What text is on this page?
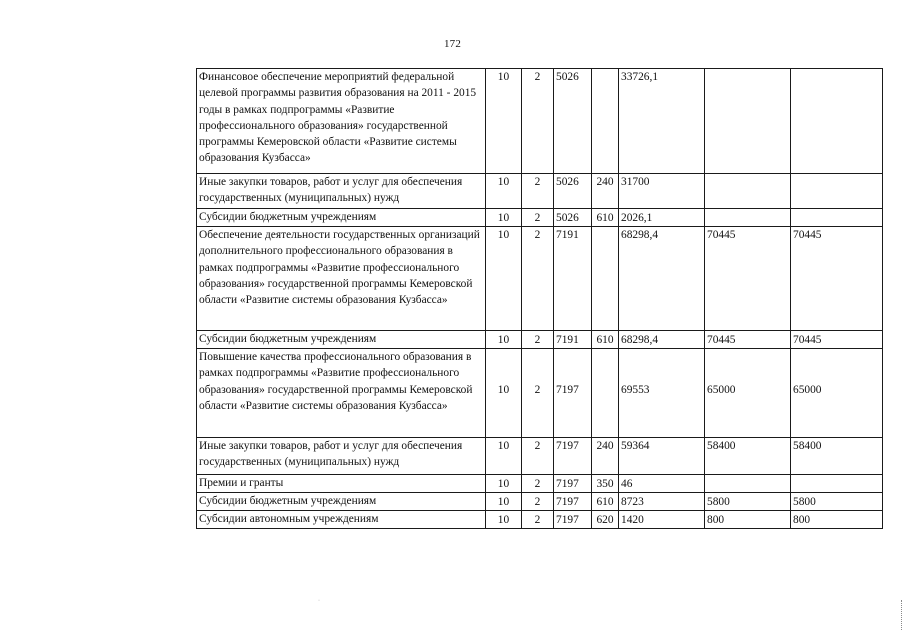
172
Финансовое обеспечение мероприятий федеральной целевой программы развития образования на 2011 - 2015 годы в рамках подпрограммы «Развитие профессионального образования» государственной программы Кемеровской области «Развитие системы образования Кузбасса»	10	2	5026		33726,1		
Иные закупки товаров, работ и услуг для обеспечения государственных (муниципальных) нужд	10	2	5026	240	31700		
Субсидии бюджетным учреждениям	10	2	5026	610	2026,1		
Обеспечение деятельности государственных организаций дополнительного профессионального образования в рамках подпрограммы «Развитие профессионального образования» государственной программы Кемеровской области «Развитие системы образования Кузбасса»	10	2	7191		68298,4	70445	70445
Субсидии бюджетным учреждениям	10	2	7191	610	68298,4	70445	70445
Повышение качества профессионального образования в рамках подпрограммы «Развитие профессионального образования» государственной программы Кемеровской области «Развитие системы образования Кузбасса»	10	2	7197		69553	65000	65000
Иные закупки товаров, работ и услуг для обеспечения государственных (муниципальных) нужд	10	2	7197	240	59364	58400	58400
Премии и гранты	10	2	7197	350	46		
Субсидии бюджетным учреждениям	10	2	7197	610	8723	5800	5800
Субсидии автономным учреждениям	10	2	7197	620	1420	800	800
·
